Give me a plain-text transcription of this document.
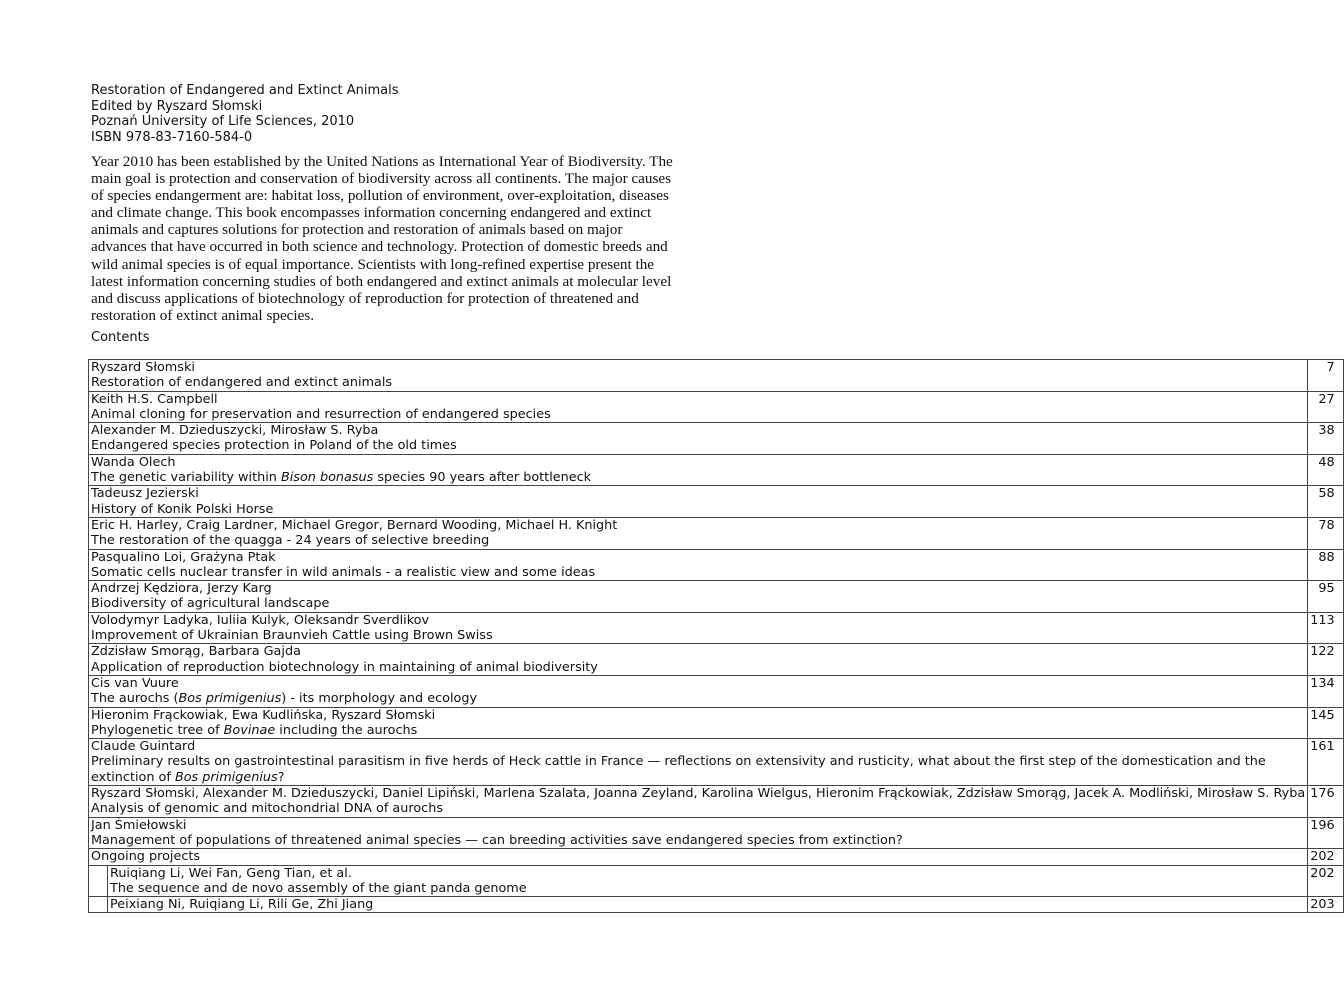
Restoration of Endangered and Extinct Animals
Edited by Ryszard Słomski
Poznań University of Life Sciences, 2010
ISBN 978-83-7160-584-0
Year 2010 has been established by the United Nations as International Year of Biodiversity. The main goal is protection and conservation of biodiversity across all continents. The major causes of species endangerment are: habitat loss, pollution of environment, over-exploitation, diseases and climate change. This book encompasses information concerning endangered and extinct animals and captures solutions for protection and restoration of animals based on major advances that have occurred in both science and technology. Protection of domestic breeds and wild animal species is of equal importance. Scientists with long-refined expertise present the latest information concerning studies of both endangered and extinct animals at molecular level and discuss applications of biotechnology of reproduction for protection of threatened and restoration of extinct animal species.
Contents
Ryszard Słomski
Restoration of endangered and extinct animals		7

Keith H.S. Campbell
Animal cloning for preservation and resurrection of endangered species		27

Alexander M. Dzieduszycki, Mirosław S. Ryba
Endangered species protection in Poland of the old times		38

Wanda Olech
The genetic variability within Bison bonasus species 90 years after bottleneck		48

Tadeusz Jezierski
History of Konik Polski Horse		58

Eric H. Harley, Craig Lardner, Michael Gregor, Bernard Wooding, Michael H. Knight
The restoration of the quagga - 24 years of selective breeding		78

Pasqualino Loi, Grażyna Ptak
Somatic cells nuclear transfer in wild animals - a realistic view and some ideas		88

Andrzej Kędziora, Jerzy Karg
Biodiversity of agricultural landscape		95

Volodymyr Ladyka, Iuliia Kulyk, Oleksandr Sverdlikov
Improvement of Ukrainian Braunvieh Cattle using Brown Swiss		113

Zdzisław Smorąg, Barbara Gajda
Application of reproduction biotechnology in maintaining of animal biodiversity		122

Cis van Vuure
The aurochs (Bos primigenius) - its morphology and ecology		134

Hieronim Frąckowiak, Ewa Kudlińska, Ryszard Słomski
Phylogenetic tree of Bovinae including the aurochs		145

Claude Guintard
Preliminary results on gastrointestinal parasitism in five herds of Heck cattle in France — reflections on extensivity and rusticity, what about the first step of the domestication and the extinction of Bos primigenius?		161

Ryszard Słomski, Alexander M. Dzieduszycki, Daniel Lipiński, Marlena Szalata, Joanna Zeyland, Karolina Wielgus, Hieronim Frąckowiak, Zdzisław Smorąg, Jacek A. Modliński, Mirosław S. Ryba
Analysis of genomic and mitochondrial DNA of aurochs		176

Jan Śmiełowski
Management of populations of threatened animal species — can breeding activities save endangered species from extinction?		196
Ongoing projects		202

	Ruiqiang Li, Wei Fan, Geng Tian, et al.
The sequence and de novo assembly of the giant panda genome	202

	Peixiang Ni, Ruiqiang Li, Rili Ge, Zhi Jiang	203
